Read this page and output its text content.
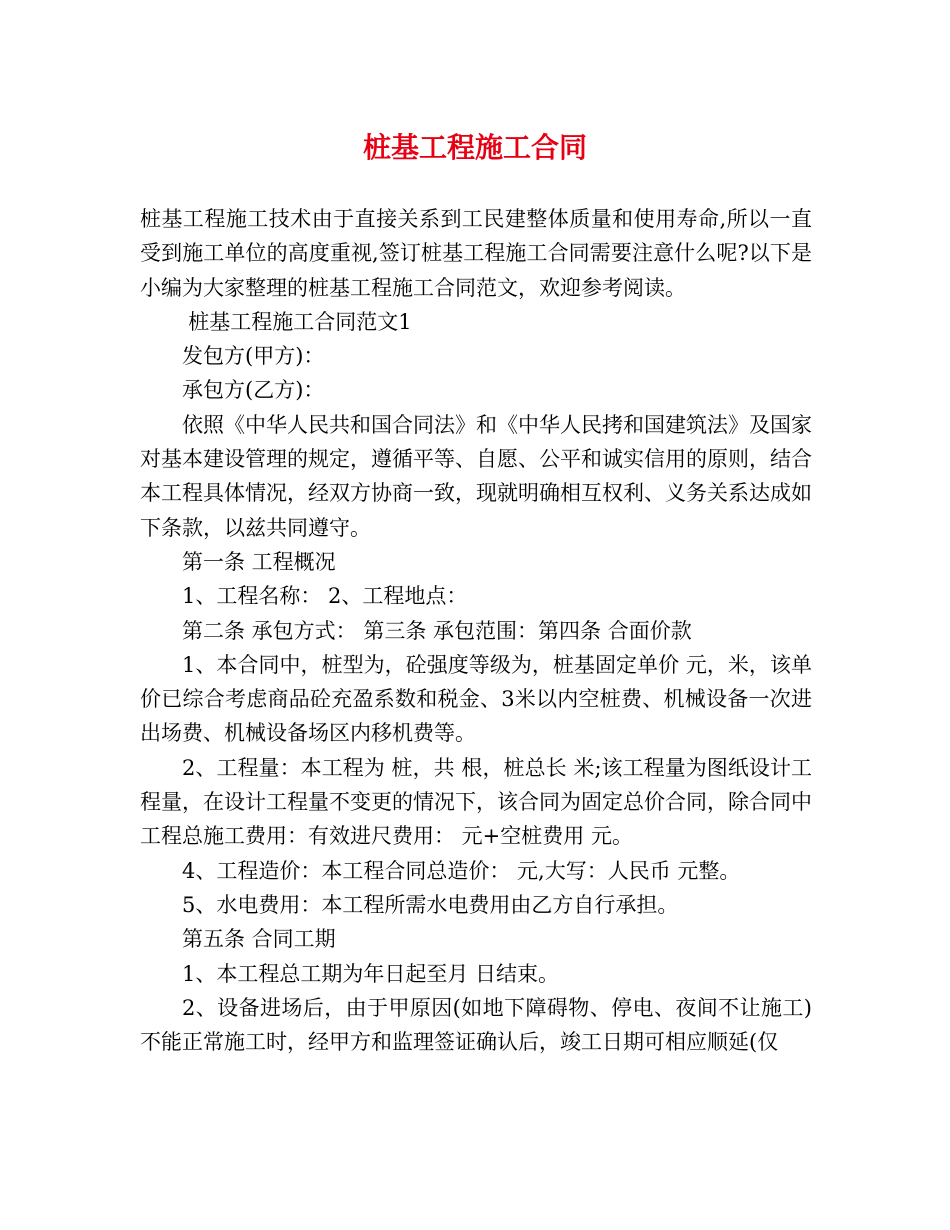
桩基工程施工合同

桩基工程施工技术由于直接关系到工民建整体质量和使用寿命,所以一直受到施工单位的高度重视,签订桩基工程施工合同需要注意什么呢?以下是小编为大家整理的桩基工程施工合同范文，欢迎参考阅读。

桩基工程施工合同范文1

发包方(甲方)：

承包方(乙方)：

依照《中华人民共和国合同法》和《中华人民拷和国建筑法》及国家对基本建设管理的规定，遵循平等、自愿、公平和诚实信用的原则，结合本工程具体情况，经双方协商一致，现就明确相互权利、义务关系达成如下条款，以兹共同遵守。

第一条 工程概况

1、工程名称： 2、工程地点：

第二条 承包方式： 第三条 承包范围：第四条 合面价款

1、本合同中，桩型为，砼强度等级为，桩基固定单价 元，米，该单价已综合考虑商品砼充盈系数和税金、3米以内空桩费、机械设备一次进出场费、机械设备场区内移机费等。

2、工程量：本工程为 桩，共 根，桩总长 米;该工程量为图纸设计工程量，在设计工程量不变更的情况下，该合同为固定总价合同，除合同中工程总施工费用：有效进尺费用： 元+空桩费用 元。

4、工程造价：本工程合同总造价： 元,大写：人民币 元整。

5、水电费用：本工程所需水电费用由乙方自行承担。

第五条 合同工期

1、本工程总工期为年日起至月 日结束。

2、设备进场后，由于甲原因(如地下障碍物、停电、夜间不让施工)不能正常施工时，经甲方和监理签证确认后，竣工日期可相应顺延(仅
